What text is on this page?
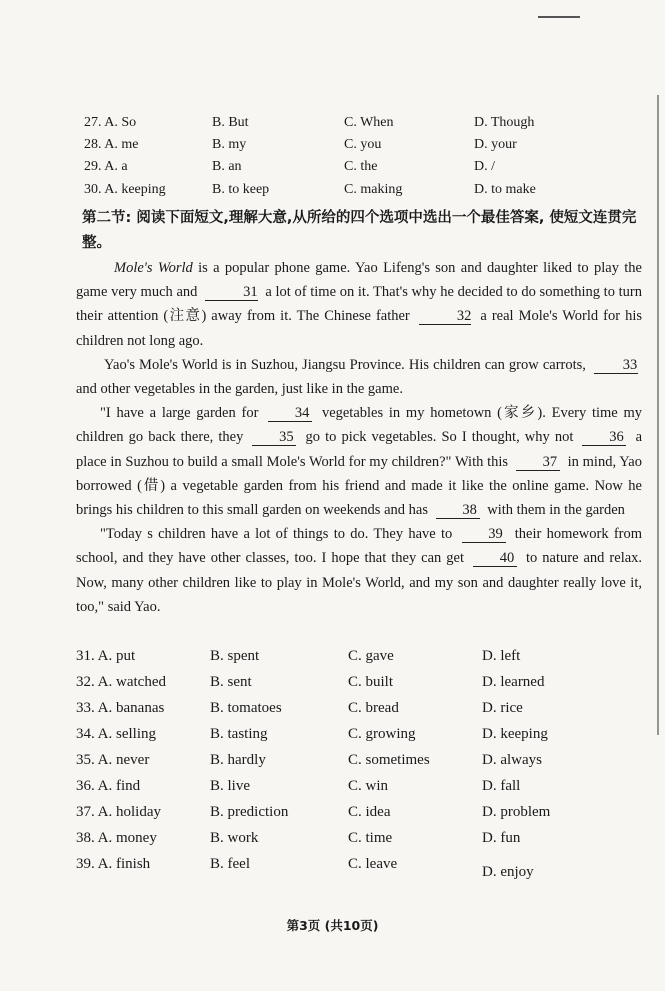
27. A. So	B. But	C. When	D. Though
28. A. me	B. my	C. you	D. your
29. A. a	B. an	C. the	D. /
30. A. keeping	B. to keep	C. making	D. to make
第二节: 阅读下面短文,理解大意,从所给的四个选项中选出一个最佳答案, 使短文连贯完整。

Mole's World is a popular phone game. Yao Lifeng's son and daughter liked to play the game very much and	31 a lot of time on it. That's why he decided to do something to turn their attention (注意) away from it. The Chinese father	32 a real Mole's World for his children not long ago.

Yao's Mole's World is in Suzhou, Jiangsu Province. His children can grow carrots,	33 and other vegetables in the garden, just like in the game.

"I have a large garden for	34 vegetables in my hometown (家乡). Every time my children go back there, they 35 go to pick vegetables. So I thought, why not 36 a place in Suzhou to build a small Mole's World for my children?" With this 37 in mind, Yao borrowed (借) a vegetable garden from his friend and made it like the online game. Now he brings his children to this small garden on weekends and has 38 with them in the garden

"Today s children have a lot of things to do. They have to 39 their homework from school, and they have other classes, too. I hope that they can get 40 to nature and relax. Now, many other children like to play in Mole's World, and my son and daughter really love it, too," said Yao.

31. A. put	B. spent	C. gave	D. left
32. A. watched	B. sent	C. built	D. learned
33. A. bananas	B. tomatoes	C. bread	D. rice
34. A. selling	B. tasting	C. growing	D. keeping
35. A. never	B. hardly	C. sometimes	D. always
36. A. find	B. live	C. win	D. fall
37. A. holiday	B. prediction	C. idea	D. problem
38. A. money	B. work	C. time	D. fun
39. A. finish	B. feel	C. leave	D. enjoy
第3页 (共10页)
